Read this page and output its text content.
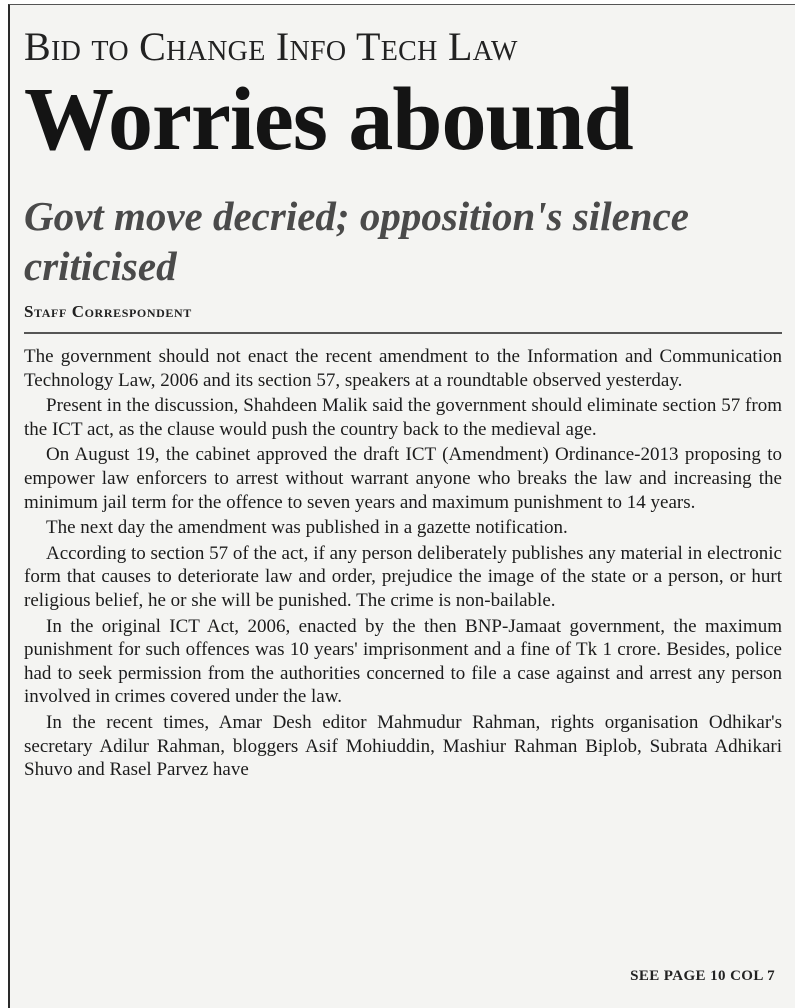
Bid to Change Info Tech Law
Worries abound
Govt move decried; opposition's silence criticised
Staff Correspondent

The government should not enact the recent amendment to the Information and Communication Technology Law, 2006 and its section 57, speakers at a roundtable observed yesterday.

Present in the discussion, Shahdeen Malik said the government should eliminate section 57 from the ICT act, as the clause would push the country back to the medieval age.

On August 19, the cabinet approved the draft ICT (Amendment) Ordinance-2013 proposing to empower law enforcers to arrest without warrant anyone who breaks the law and increasing the minimum jail term for the offence to seven years and maximum punishment to 14 years.

The next day the amendment was published in a gazette notification.

According to section 57 of the act, if any person deliberately publishes any material in electronic form that causes to deteriorate law and order, prejudice the image of the state or a person, or hurt religious belief, he or she will be punished. The crime is non-bailable.

In the original ICT Act, 2006, enacted by the then BNP-Jamaat government, the maximum punishment for such offences was 10 years' imprisonment and a fine of Tk 1 crore. Besides, police had to seek permission from the authorities concerned to file a case against and arrest any person involved in crimes covered under the law.

In the recent times, Amar Desh editor Mahmudur Rahman, rights organisation Odhikar's secretary Adilur Rahman, bloggers Asif Mohiuddin, Mashiur Rahman Biplob, Subrata Adhikari Shuvo and Rasel Parvez have

SEE PAGE 10 COL 7
